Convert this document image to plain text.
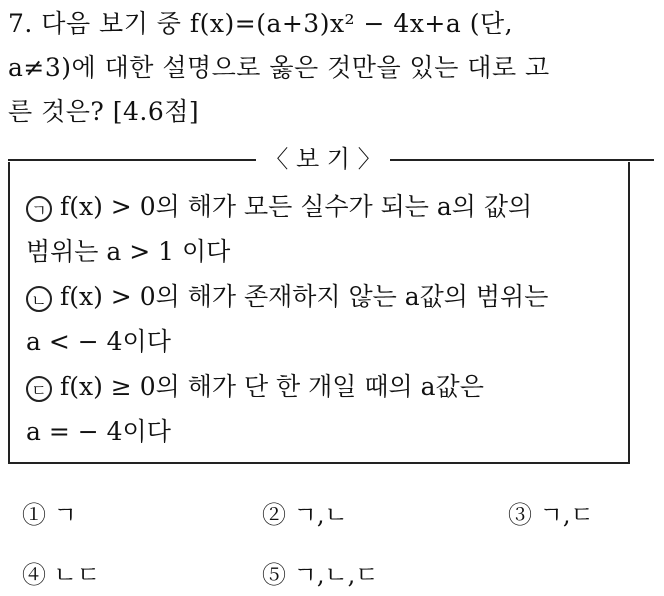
7. 다음 보기 중 f(x)=(a+3)x² − 4x+a (단,
a≠3)에 대한 설명으로 옳은 것만을 있는 대로 고
른 것은? [4.6점]
〈 보 기 〉
ㄱ f(x) > 0의 해가 모든 실수가 되는 a의 값의
범위는 a > 1 이다
ㄴ f(x) > 0의 해가 존재하지 않는 a값의 범위는
a < − 4이다
ㄷ f(x) ≥ 0의 해가 단 한 개일 때의 a값은
a = − 4이다
① ㄱ	② ㄱ,ㄴ	③ ㄱ,ㄷ
④ ㄴㄷ	⑤ ㄱ,ㄴ,ㄷ
